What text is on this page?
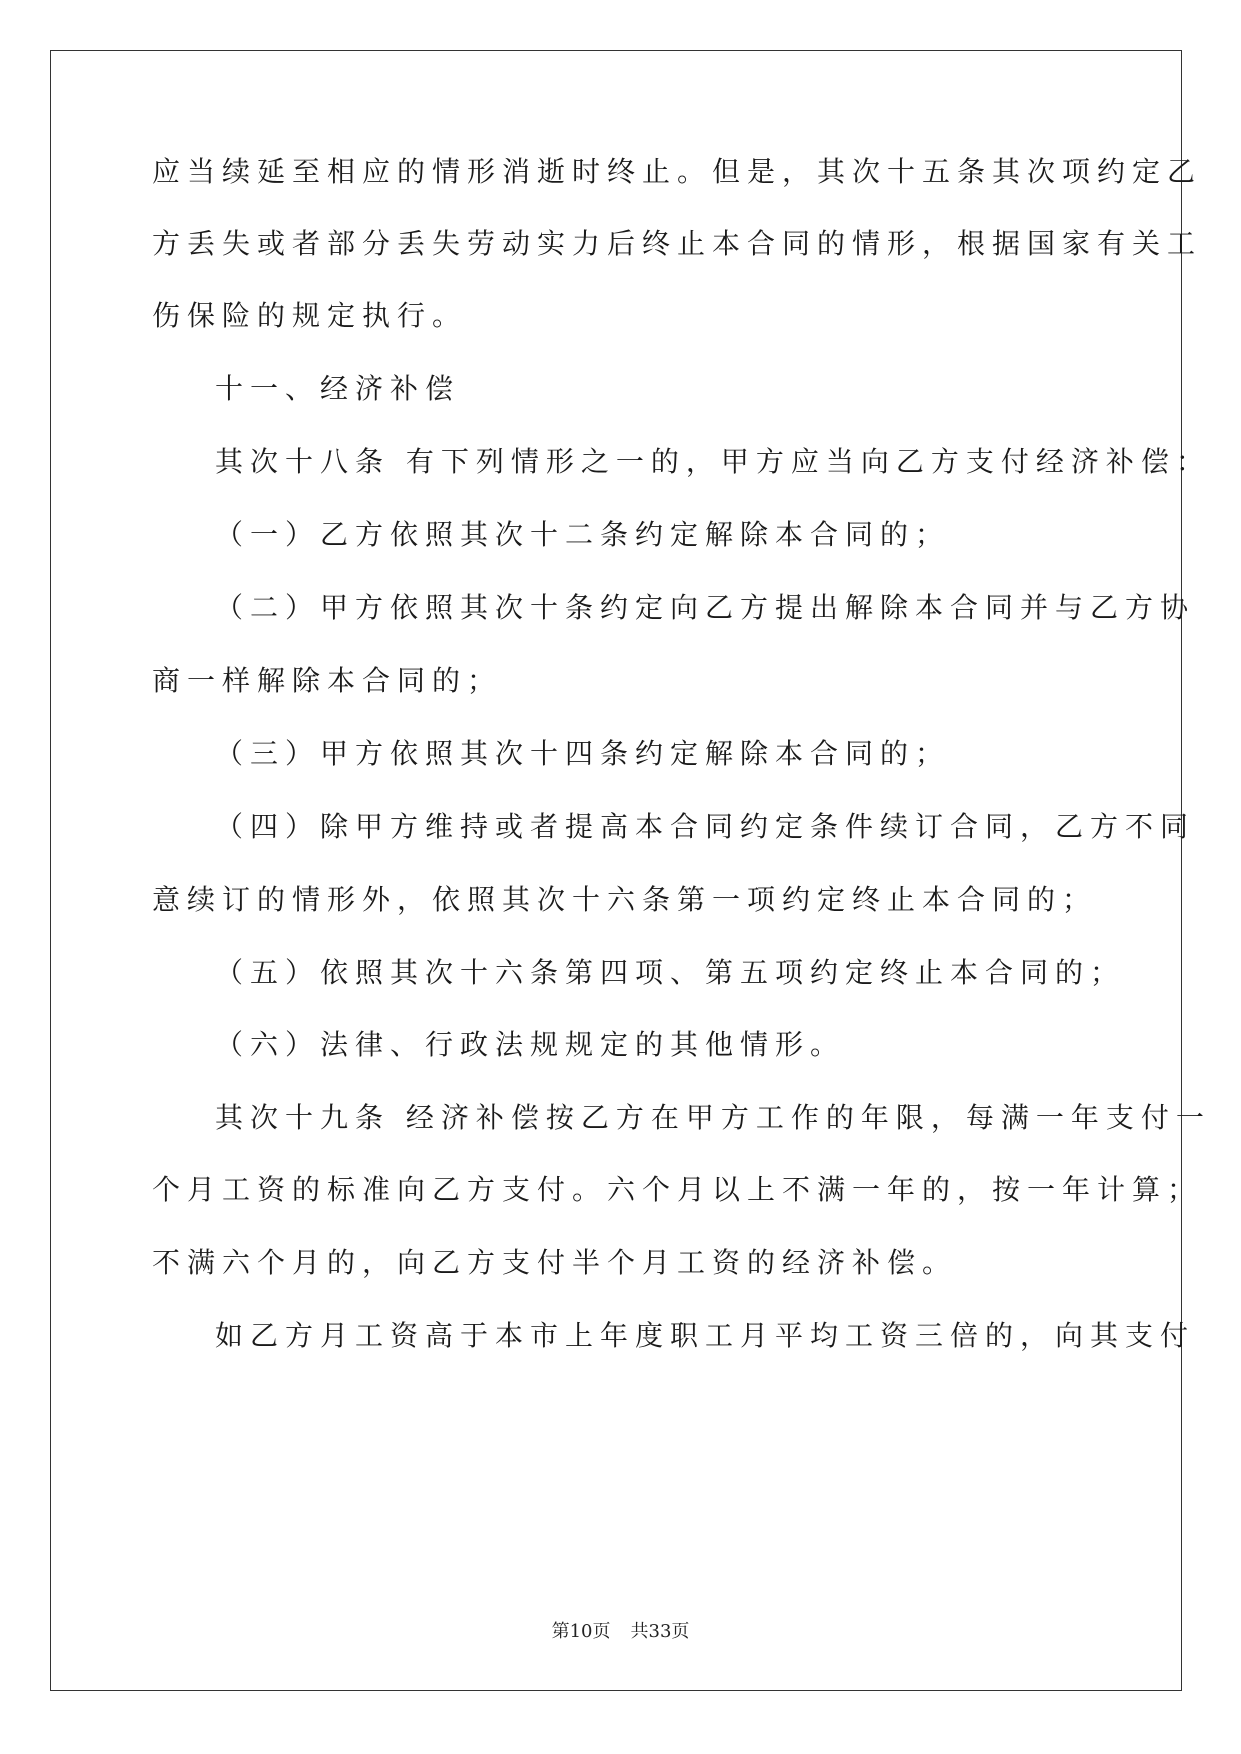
应当续延至相应的情形消逝时终止。但是，其次十五条其次项约定乙
方丢失或者部分丢失劳动实力后终止本合同的情形，根据国家有关工
伤保险的规定执行。
十一、经济补偿
其次十八条 有下列情形之一的，甲方应当向乙方支付经济补偿：
（一）乙方依照其次十二条约定解除本合同的；
（二）甲方依照其次十条约定向乙方提出解除本合同并与乙方协
商一样解除本合同的；
（三）甲方依照其次十四条约定解除本合同的；
（四）除甲方维持或者提高本合同约定条件续订合同，乙方不同
意续订的情形外，依照其次十六条第一项约定终止本合同的；
（五）依照其次十六条第四项、第五项约定终止本合同的；
（六）法律、行政法规规定的其他情形。
其次十九条 经济补偿按乙方在甲方工作的年限，每满一年支付一
个月工资的标准向乙方支付。六个月以上不满一年的，按一年计算；
不满六个月的，向乙方支付半个月工资的经济补偿。
如乙方月工资高于本市上年度职工月平均工资三倍的，向其支付
第10页 共33页
